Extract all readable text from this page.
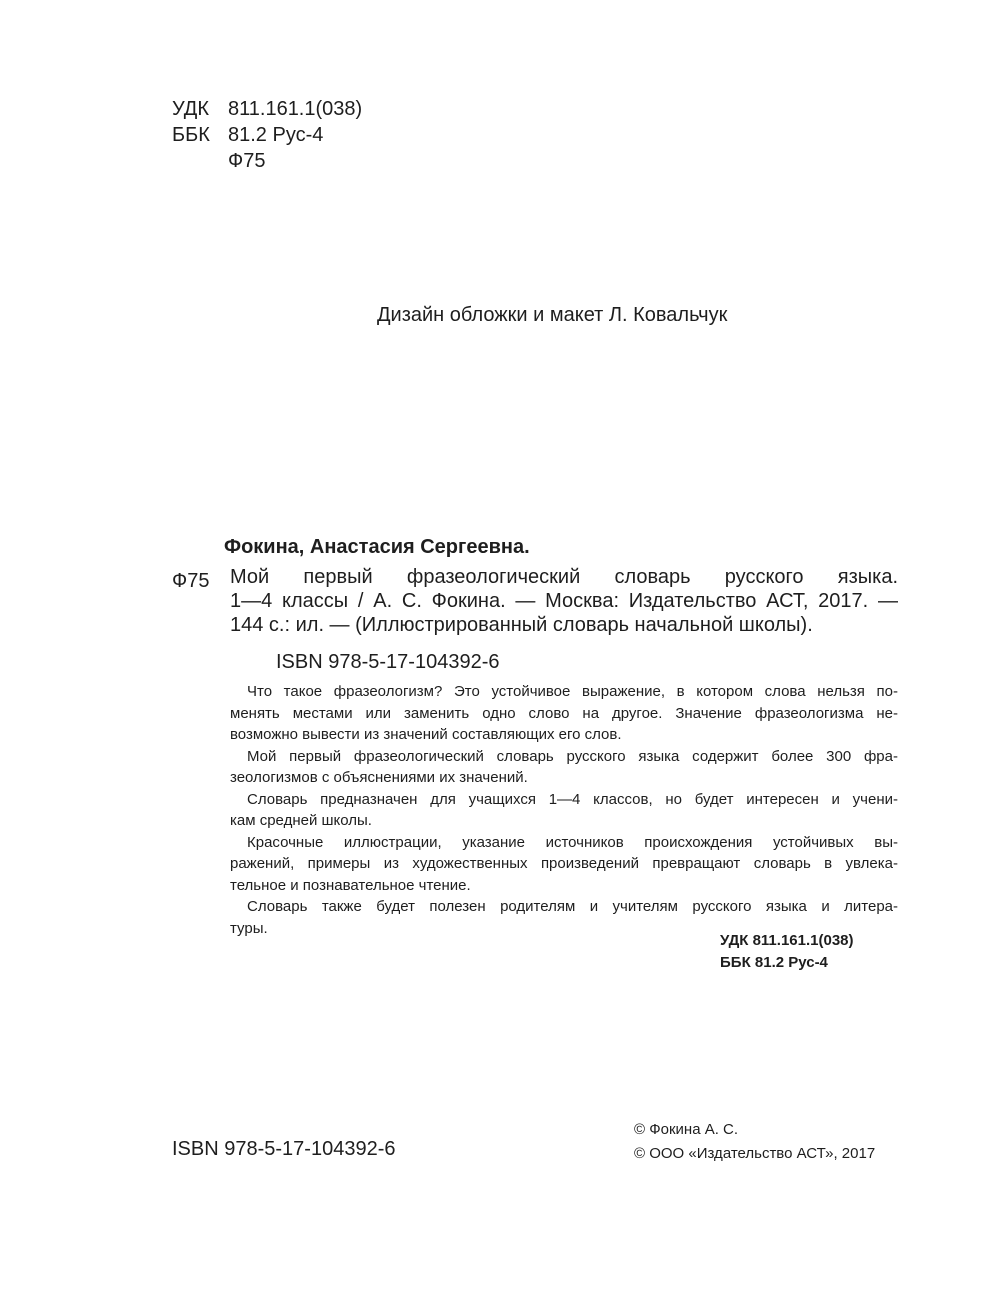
УДК 811.161.1(038)
ББК 81.2 Рус-4
Ф75
Дизайн обложки и макет Л. Ковальчук
Фокина, Анастасия Сергеевна.
Ф75 Мой первый фразеологический словарь русского языка.

1—4 классы / А. С. Фокина. — Москва: Издательство АСТ, 2017. —

144 с.: ил. — (Иллюстрированный словарь начальной школы).

ISBN 978-5-17-104392-6

Что такое фразеологизм? Это устойчивое выражение, в котором слова нельзя по-

менять местами или заменить одно слово на другое. Значение фразеологизма не-

возможно вывести из значений составляющих его слов.

Мой первый фразеологический словарь русского языка содержит более 300 фра-

зеологизмов с объяснениями их значений.

Словарь предназначен для учащихся 1—4 классов, но будет интересен и учени-

кам средней школы.

Красочные иллюстрации, указание источников происхождения устойчивых вы-

ражений, примеры из художественных произведений превращают словарь в увлека-

тельное и познавательное чтение.

Словарь также будет полезен родителям и учителям русского языка и литера-

туры.

УДК 811.161.1(038)
ББК 81.2 Рус-4
ISBN 978-5-17-104392-6
© Фокина А. С.
© ООО «Издательство АСТ», 2017
